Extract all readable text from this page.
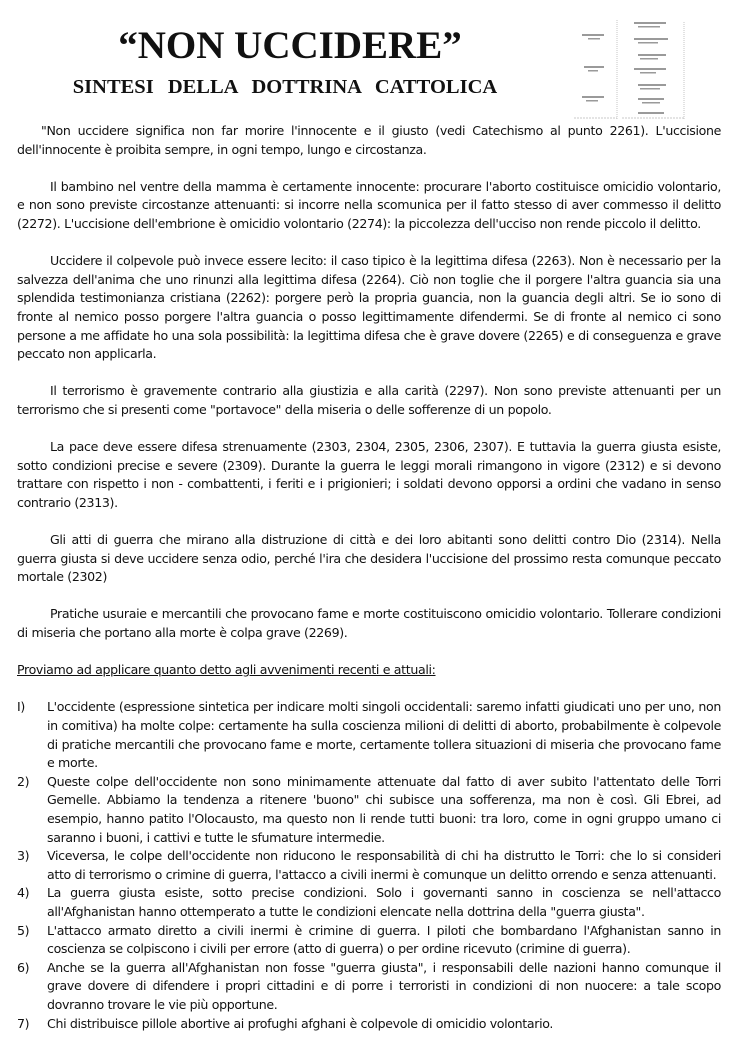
“NON UCCIDERE”
SINTESI DELLA DOTTRINA CATTOLICA

"Non uccidere significa non far morire l'innocente e il giusto (vedi Catechismo al punto 2261). L'uccisione dell'innocente è proibita sempre, in ogni tempo, lungo e circostanza.

Il bambino nel ventre della mamma è certamente innocente: procurare l'aborto costituisce omicidio volontario, e non sono previste circostanze attenuanti: si incorre nella scomunica per il fatto stesso di aver commesso il delitto (2272). L'uccisione dell'embrione è omicidio volontario (2274): la piccolezza dell'ucciso non rende piccolo il delitto.

Uccidere il colpevole può invece essere lecito: il caso tipico è la legittima difesa (2263). Non è necessario per la salvezza dell'anima che uno rinunzi alla legittima difesa (2264). Ciò non toglie che il porgere l'altra guancia sia una splendida testimonianza cristiana (2262): porgere però la propria guancia, non la guancia degli altri. Se io sono di fronte al nemico posso porgere l'altra guancia o posso legittimamente difendermi. Se di fronte al nemico ci sono persone a me affidate ho una sola possibilità: la legittima difesa che è grave dovere (2265) e di conseguenza e grave peccato non applicarla.

Il terrorismo è gravemente contrario alla giustizia e alla carità (2297). Non sono previste attenuanti per un terrorismo che si presenti come "portavoce" della miseria o delle sofferenze di un popolo.

La pace deve essere difesa strenuamente (2303, 2304, 2305, 2306, 2307). E tuttavia la guerra giusta esiste, sotto condizioni precise e severe (2309). Durante la guerra le leggi morali rimangono in vigore (2312) e si devono trattare con rispetto i non - combattenti, i feriti e i prigionieri; i soldati devono opporsi a ordini che vadano in senso contrario (2313).

Gli atti di guerra che mirano alla distruzione di città e dei loro abitanti sono delitti contro Dio (2314). Nella guerra giusta si deve uccidere senza odio, perché l'ira che desidera l'uccisione del prossimo resta comunque peccato mortale (2302)

Pratiche usuraie e mercantili che provocano fame e morte costituiscono omicidio volontario. Tollerare condizioni di miseria che portano alla morte è colpa grave (2269).

Proviamo ad applicare quanto detto agli avvenimenti recenti e attuali:

I) L'occidente (espressione sintetica per indicare molti singoli occidentali: saremo infatti giudicati uno per uno, non in comitiva) ha molte colpe: certamente ha sulla coscienza milioni di delitti di aborto, probabilmente è colpevole di pratiche mercantili che provocano fame e morte, certamente tollera situazioni di miseria che provocano fame e morte.
2) Queste colpe dell'occidente non sono minimamente attenuate dal fatto di aver subito l'attentato delle Torri Gemelle. Abbiamo la tendenza a ritenere 'buono" chi subisce una sofferenza, ma non è così. Gli Ebrei, ad esempio, hanno patito l'Olocausto, ma questo non li rende tutti buoni: tra loro, come in ogni gruppo umano ci saranno i buoni, i cattivi e tutte le sfumature intermedie.
3) Viceversa, le colpe dell'occidente non riducono le responsabilità di chi ha distrutto le Torri: che lo si consideri atto di terrorismo o crimine di guerra, l'attacco a civili inermi è comunque un delitto orrendo e senza attenuanti.
4) La guerra giusta esiste, sotto precise condizioni. Solo i governanti sanno in coscienza se nell'attacco all'Afghanistan hanno ottemperato a tutte le condizioni elencate nella dottrina della "guerra giusta".
5) L'attacco armato diretto a civili inermi è crimine di guerra. I piloti che bombardano l'Afghanistan sanno in coscienza se colpiscono i civili per errore (atto di guerra) o per ordine ricevuto (crimine di guerra).
6) Anche se la guerra all'Afghanistan non fosse "guerra giusta", i responsabili delle nazioni hanno comunque il grave dovere di difendere i propri cittadini e di porre i terroristi in condizioni di non nuocere: a tale scopo dovranno trovare le vie più opportune.
7) Chi distribuisce pillole abortive ai profughi afghani è colpevole di omicidio volontario.
